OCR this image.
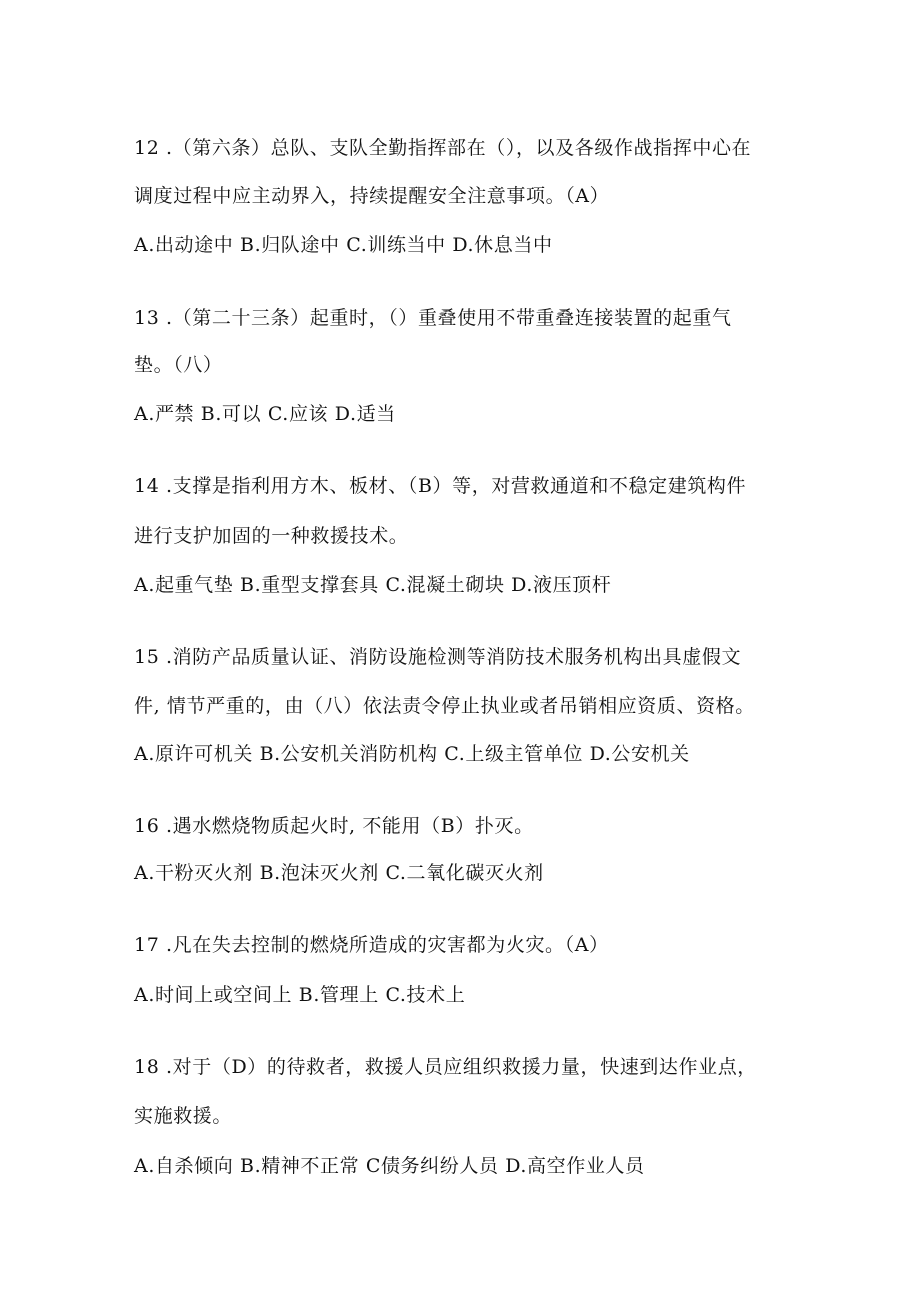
12 .（第六条）总队、支队全勤指挥部在（），以及各级作战指挥中心在
调度过程中应主动界入，持续提醒安全注意事项。（A）
A.出动途中 B.归队途中 C.训练当中 D.休息当中
13 .（第二十三条）起重时，（）重叠使用不带重叠连接装置的起重气
垫。（八）
A.严禁 B.可以 C.应该 D.适当
14 .支撑是指利用方木、板材、（B）等，对营救通道和不稳定建筑构件
进行支护加固的一种救援技术。
A.起重气垫 B.重型支撑套具 C.混凝土砌块 D.液压顶杆
15 .消防产品质量认证、消防设施检测等消防技术服务机构出具虚假文
件, 情节严重的，由（八）依法责令停止执业或者吊销相应资质、资格。
A.原许可机关 B.公安机关消防机构 C.上级主管单位 D.公安机关
16 .遇水燃烧物质起火时, 不能用（B）扑灭。
A.干粉灭火剂 B.泡沫灭火剂 C.二氧化碳灭火剂
17 .凡在失去控制的燃烧所造成的灾害都为火灾。（A）
A.时间上或空间上 B.管理上 C.技术上
18 .对于（D）的待救者，救援人员应组织救援力量，快速到达作业点，
实施救援。
A.自杀倾向 B.精神不正常 C债务纠纷人员 D.高空作业人员
